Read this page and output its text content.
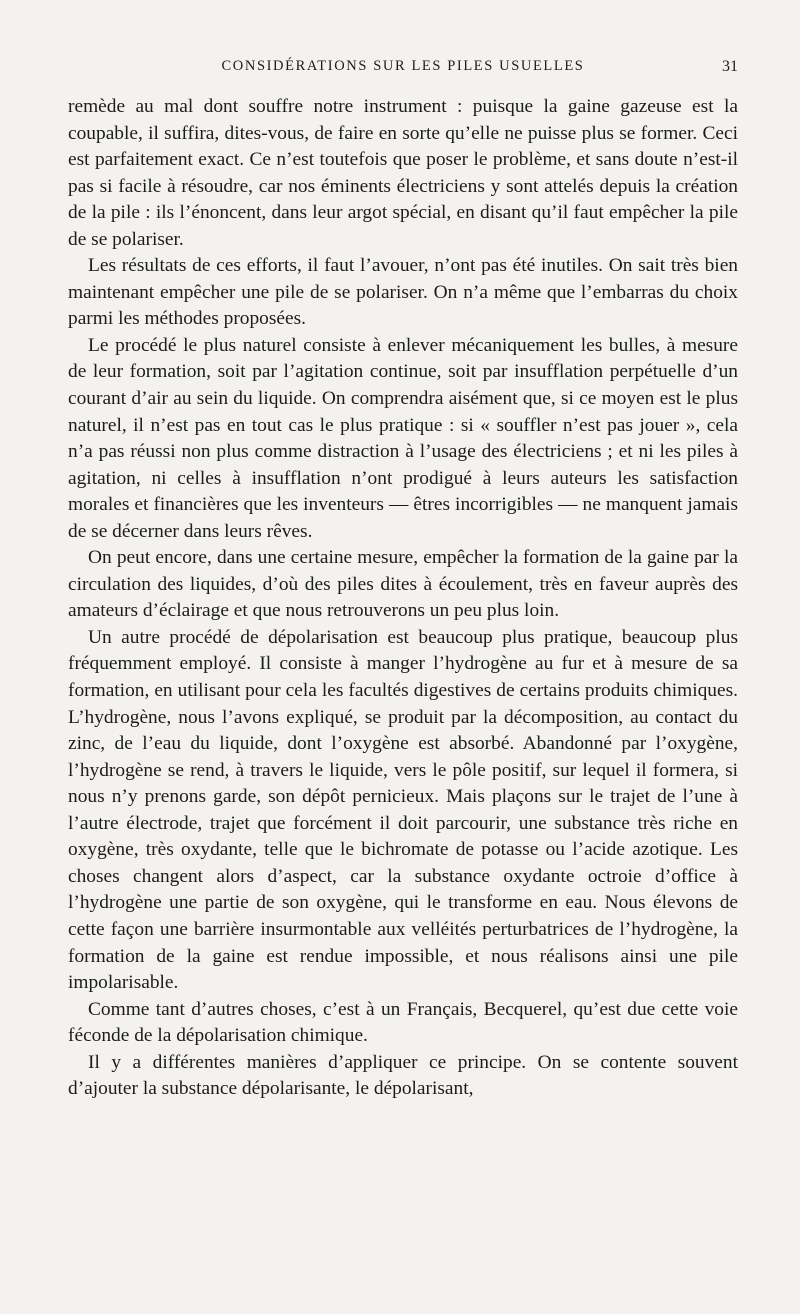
CONSIDÉRATIONS SUR LES PILES USUELLES	31

remède au mal dont souffre notre instrument : puisque la gaine gazeuse est la coupable, il suffira, dites-vous, de faire en sorte qu’elle ne puisse plus se former. Ceci est parfaitement exact. Ce n’est toutefois que poser le problème, et sans doute n’est-il pas si facile à résoudre, car nos éminents électriciens y sont attelés depuis la création de la pile : ils l’énoncent, dans leur argot spécial, en disant qu’il faut empêcher la pile de se polariser.

Les résultats de ces efforts, il faut l’avouer, n’ont pas été inutiles. On sait très bien maintenant empêcher une pile de se polariser. On n’a même que l’embarras du choix parmi les méthodes proposées.

Le procédé le plus naturel consiste à enlever mécaniquement les bulles, à mesure de leur formation, soit par l’agitation continue, soit par insufflation perpétuelle d’un courant d’air au sein du liquide. On comprendra aisément que, si ce moyen est le plus naturel, il n’est pas en tout cas le plus pratique : si « souffler n’est pas jouer », cela n’a pas réussi non plus comme distraction à l’usage des électriciens ; et ni les piles à agitation, ni celles à insufflation n’ont prodigué à leurs auteurs les satisfaction morales et financières que les inventeurs — êtres incorrigibles — ne manquent jamais de se décerner dans leurs rêves.

On peut encore, dans une certaine mesure, empêcher la formation de la gaine par la circulation des liquides, d’où des piles dites à écoulement, très en faveur auprès des amateurs d’éclairage et que nous retrouverons un peu plus loin.

Un autre procédé de dépolarisation est beaucoup plus pratique, beaucoup plus fréquemment employé. Il consiste à manger l’hydrogène au fur et à mesure de sa formation, en utilisant pour cela les facultés digestives de certains produits chimiques. L’hydrogène, nous l’avons expliqué, se produit par la décomposition, au contact du zinc, de l’eau du liquide, dont l’oxygène est absorbé. Abandonné par l’oxygène, l’hydrogène se rend, à travers le liquide, vers le pôle positif, sur lequel il formera, si nous n’y prenons garde, son dépôt pernicieux. Mais plaçons sur le trajet de l’une à l’autre électrode, trajet que forcément il doit parcourir, une substance très riche en oxygène, très oxydante, telle que le bichromate de potasse ou l’acide azotique. Les choses changent alors d’aspect, car la substance oxydante octroie d’office à l’hydrogène une partie de son oxygène, qui le transforme en eau. Nous élevons de cette façon une barrière insurmontable aux velléités perturbatrices de l’hydrogène, la formation de la gaine est rendue impossible, et nous réalisons ainsi une pile impolarisable.

Comme tant d’autres choses, c’est à un Français, Becquerel, qu’est due cette voie féconde de la dépolarisation chimique.

Il y a différentes manières d’appliquer ce principe. On se contente souvent d’ajouter la substance dépolarisante, le dépolarisant,
